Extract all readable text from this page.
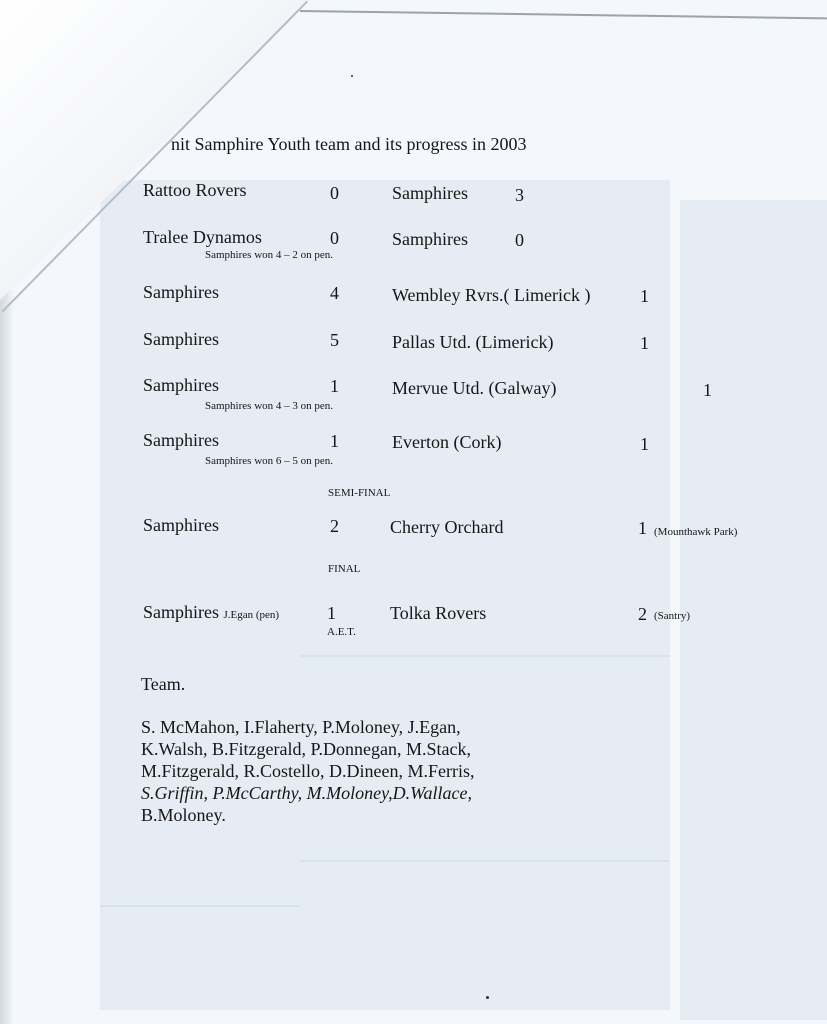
nit Samphire Youth team and its progress in 2003
Rattoo Rovers	0	Samphires	3
Tralee Dynamos	0	Samphires	0
Samphires won 4 – 2 on pen.
Samphires	4	Wembley Rvrs.( Limerick )	1
Samphires	5	Pallas Utd. (Limerick)	1
Samphires	1	Mervue Utd. (Galway)	1
Samphires won 4 – 3 on pen.
Samphires	1	Everton (Cork)	1
Samphires won 6 – 5 on pen.
SEMI-FINAL
Samphires	2	Cherry Orchard	1 (Mounthawk Park)
FINAL
Samphires J.Egan (pen)	1	Tolka Rovers	2 (Santry)
A.E.T.
Team.
S. McMahon, I.Flaherty, P.Moloney, J.Egan,
K.Walsh, B.Fitzgerald, P.Donnegan, M.Stack,
M.Fitzgerald, R.Costello, D.Dineen, M.Ferris,
S.Griffin, P.McCarthy, M.Moloney,D.Wallace,
B.Moloney.
